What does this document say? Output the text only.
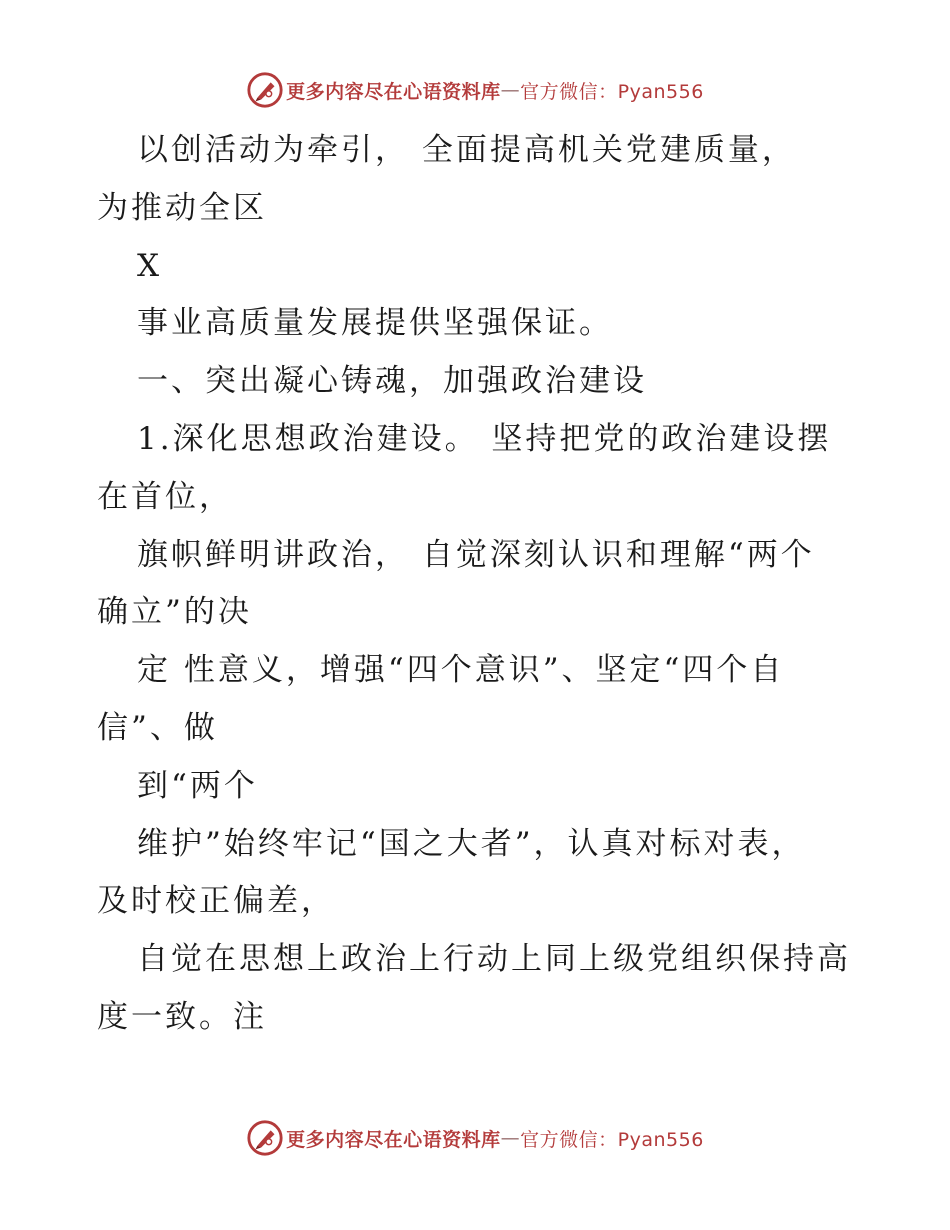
更多内容尽在心语资料库 — 官方微信：Pyan556
以创活动为牵引， 全面提高机关党建质量，
为推动全区
X
事业高质量发展提供坚强保证。
一、突出凝心铸魂，加强政治建设
1.深化思想政治建设。 坚持把党的政治建设摆
在首位，
旗帜鲜明讲政治， 自觉深刻认识和理解“两个
确立”的决
定 性意义，增强“四个意识”、坚定“四个自
信”、做
到“两个
维护”始终牢记“国之大者”，认真对标对表，
及时校正偏差，
自觉在思想上政治上行动上同上级党组织保持高
度一致。注
更多内容尽在心语资料库 — 官方微信：Pyan556
